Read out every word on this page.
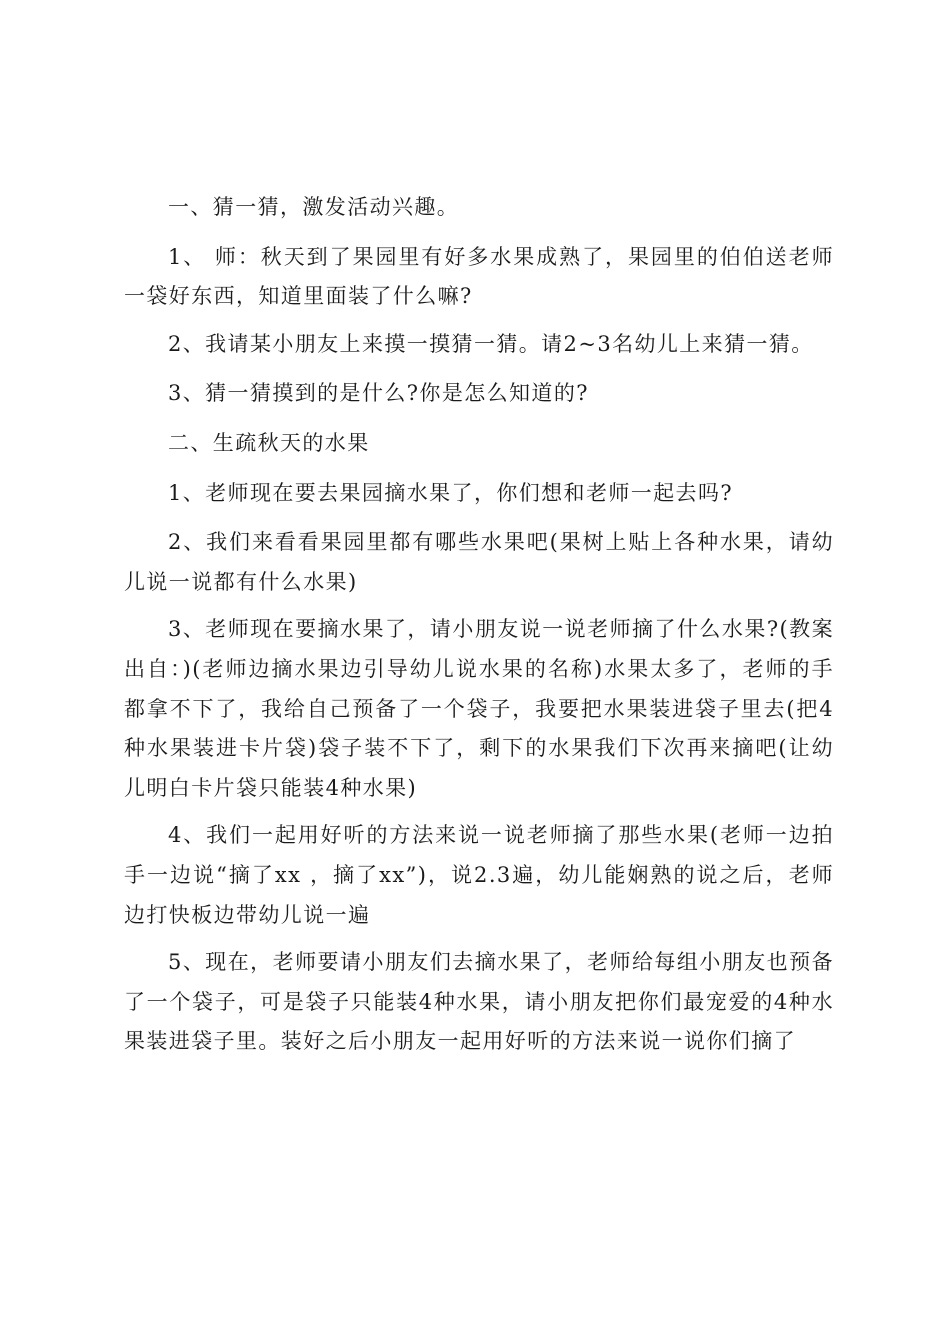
一、猜一猜，激发活动兴趣。

1、 师：秋天到了果园里有好多水果成熟了，果园里的伯伯送老师一袋好东西，知道里面装了什么嘛?

2、我请某小朋友上来摸一摸猜一猜。请2~3名幼儿上来猜一猜。

3、猜一猜摸到的是什么?你是怎么知道的?

二、生疏秋天的水果

1、老师现在要去果园摘水果了，你们想和老师一起去吗?

2、我们来看看果园里都有哪些水果吧(果树上贴上各种水果，请幼儿说一说都有什么水果)

3、老师现在要摘水果了，请小朋友说一说老师摘了什么水果?(教案出自：)(老师边摘水果边引导幼儿说水果的名称)水果太多了，老师的手都拿不下了，我给自己预备了一个袋子，我要把水果装进袋子里去(把4种水果装进卡片袋)袋子装不下了，剩下的水果我们下次再来摘吧(让幼儿明白卡片袋只能装4种水果)

4、我们一起用好听的方法来说一说老师摘了那些水果(老师一边拍手一边说“摘了xx ，摘了xx”)，说2.3遍，幼儿能娴熟的说之后，老师边打快板边带幼儿说一遍

5、现在，老师要请小朋友们去摘水果了，老师给每组小朋友也预备了一个袋子，可是袋子只能装4种水果，请小朋友把你们最宠爱的4种水果装进袋子里。装好之后小朋友一起用好听的方法来说一说你们摘了
